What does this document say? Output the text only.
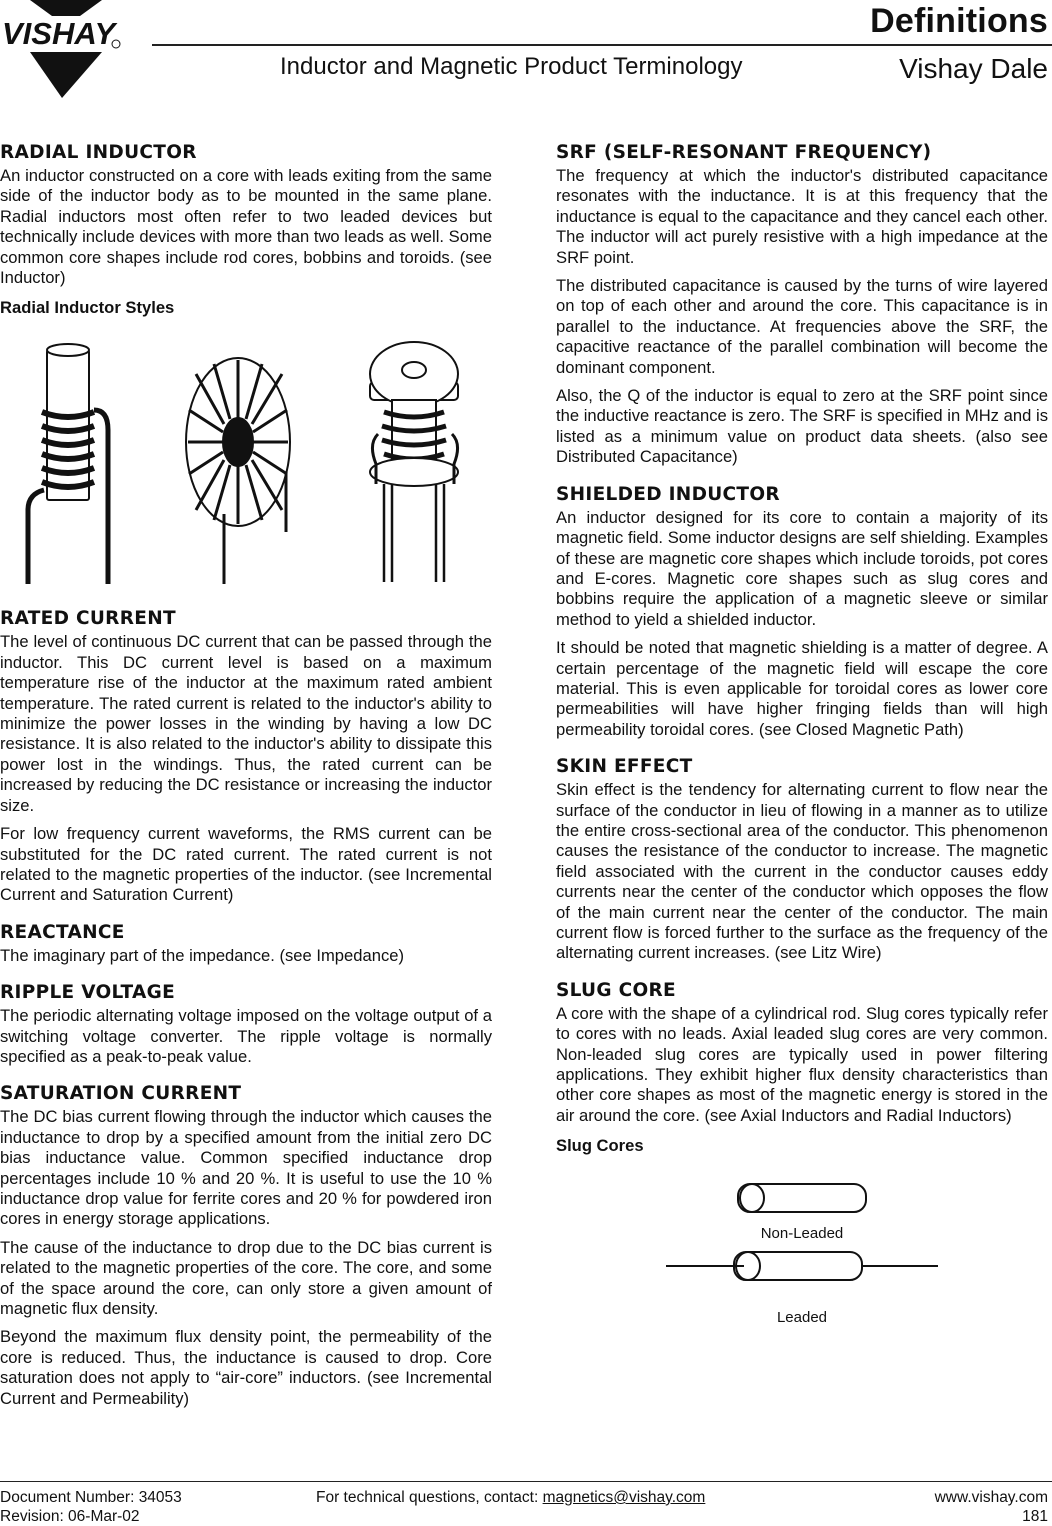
VISHAY	Definitions
Inductor and Magnetic Product Terminology	Vishay Dale
RADIAL INDUCTOR

An inductor constructed on a core with leads exiting from the same side of the inductor body as to be mounted in the same plane. Radial inductors most often refer to two leaded devices but technically include devices with more than two leads as well. Some common core shapes include rod cores, bobbins and toroids. (see Inductor)

Radial Inductor Styles
RATED CURRENT

The level of continuous DC current that can be passed through the inductor. This DC current level is based on a maximum temperature rise of the inductor at the maximum rated ambient temperature. The rated current is related to the inductor's ability to minimize the power losses in the winding by having a low DC resistance. It is also related to the inductor's ability to dissipate this power lost in the windings. Thus, the rated current can be increased by reducing the DC resistance or increasing the inductor size.

For low frequency current waveforms, the RMS current can be substituted for the DC rated current. The rated current is not related to the magnetic properties of the inductor. (see Incremental Current and Saturation Current)

REACTANCE

The imaginary part of the impedance. (see Impedance)

RIPPLE VOLTAGE

The periodic alternating voltage imposed on the voltage output of a switching voltage converter. The ripple voltage is normally specified as a peak-to-peak value.

SATURATION CURRENT

The DC bias current flowing through the inductor which causes the inductance to drop by a specified amount from the initial zero DC bias inductance value. Common specified inductance drop percentages include 10 % and 20 %. It is useful to use the 10 % inductance drop value for ferrite cores and 20 % for powdered iron cores in energy storage applications.

The cause of the inductance to drop due to the DC bias current is related to the magnetic properties of the core. The core, and some of the space around the core, can only store a given amount of magnetic flux density.

Beyond the maximum flux density point, the permeability of the core is reduced. Thus, the inductance is caused to drop. Core saturation does not apply to “air-core” inductors. (see Incremental Current and Permeability)

SRF (SELF-RESONANT FREQUENCY)

The frequency at which the inductor's distributed capacitance resonates with the inductance. It is at this frequency that the inductance is equal to the capacitance and they cancel each other. The inductor will act purely resistive with a high impedance at the SRF point.

The distributed capacitance is caused by the turns of wire layered on top of each other and around the core. This capacitance is in parallel to the inductance. At frequencies above the SRF, the capacitive reactance of the parallel combination will become the dominant component.

Also, the Q of the inductor is equal to zero at the SRF point since the inductive reactance is zero. The SRF is specified in MHz and is listed as a minimum value on product data sheets. (also see Distributed Capacitance)

SHIELDED INDUCTOR

An inductor designed for its core to contain a majority of its magnetic field. Some inductor designs are self shielding. Examples of these are magnetic core shapes which include toroids, pot cores and E-cores. Magnetic core shapes such as slug cores and bobbins require the application of a magnetic sleeve or similar method to yield a shielded inductor.

It should be noted that magnetic shielding is a matter of degree. A certain percentage of the magnetic field will escape the core material. This is even applicable for toroidal cores as lower core permeabilities will have higher fringing fields than will high permeability toroidal cores. (see Closed Magnetic Path)

SKIN EFFECT

Skin effect is the tendency for alternating current to flow near the surface of the conductor in lieu of flowing in a manner as to utilize the entire cross-sectional area of the conductor. This phenomenon causes the resistance of the conductor to increase. The magnetic field associated with the current in the conductor causes eddy currents near the center of the conductor which opposes the flow of the main current near the center of the conductor. The main current flow is forced further to the surface as the frequency of the alternating current increases. (see Litz Wire)

SLUG CORE

A core with the shape of a cylindrical rod. Slug cores typically refer to cores with no leads. Axial leaded slug cores are very common. Non-leaded slug cores are typically used in power filtering applications. They exhibit higher flux density characteristics than other core shapes as most of the magnetic energy is stored in the air around the core. (see Axial Inductors and Radial Inductors)

Slug Cores
Non-Leaded
Leaded
Document Number: 34053
Revision: 06-Mar-02
For technical questions, contact: magnetics@vishay.com	www.vishay.com
181
